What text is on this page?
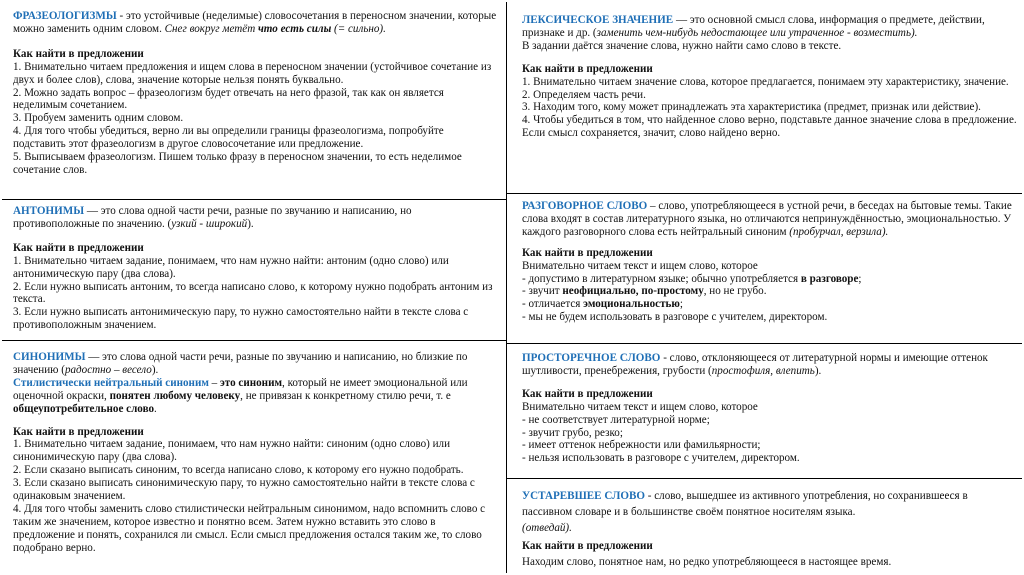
ФРАЗЕОЛОГИЗМЫ - это устойчивые (неделимые) словосочетания в переносном значении, которые можно заменить одним словом. Снег вокруг метёт что есть силы (= сильно).

Как найти в предложении

1. Внимательно читаем предложения и ищем слова в переносном значении (устойчивое сочетание из двух и более слов), слова, значение которые нельзя понять буквально.

2. Можно задать вопрос – фразеологизм будет отвечать на него фразой, так как он является неделимым сочетанием.

3. Пробуем заменить одним словом.

4. Для того чтобы убедиться, верно ли вы определили границы фразеологизма, попробуйте подставить этот фразеологизм в другое словосочетание или предложение.

5. Выписываем фразеологизм. Пишем только фразу в переносном значении, то есть неделимое сочетание слов.

АНТОНИМЫ — это слова одной части речи, разные по звучанию и написанию, но противоположные по значению. (узкий - широкий).

Как найти в предложении

1. Внимательно читаем задание, понимаем, что нам нужно найти: антоним (одно слово) или антонимическую пару (два слова).

2. Если нужно выписать антоним, то всегда написано слово, к которому нужно подобрать антоним из текста.

3. Если нужно выписать антонимическую пару, то нужно самостоятельно найти в тексте слова с противоположным значением.

СИНОНИМЫ — это слова одной части речи, разные по звучанию и написанию, но близкие по значению (радостно – весело).

Стилистически нейтральный синоним – это синоним, который не имеет эмоциональной или оценочной окраски, понятен любому человеку, не привязан к конкретному стилю речи, т. е общеупотребительное слово.

Как найти в предложении

1. Внимательно читаем задание, понимаем, что нам нужно найти: синоним (одно слово) или синонимическую пару (два слова).

2. Если сказано выписать синоним, то всегда написано слово, к которому его нужно подобрать.

3. Если сказано выписать синонимическую пару, то нужно самостоятельно найти в тексте слова с одинаковым значением.

4. Для того чтобы заменить слово стилистически нейтральным синонимом, надо вспомнить слово с таким же значением, которое известно и понятно всем. Затем нужно вставить это слово в предложение и понять, сохранился ли смысл. Если смысл предложения остался таким же, то слово подобрано верно.

ЛЕКСИЧЕСКОЕ ЗНАЧЕНИЕ — это основной смысл слова, информация о предмете, действии, признаке и др. (заменить чем-нибудь недостающее или утраченное - возместить).

В задании даётся значение слова, нужно найти само слово в тексте.

Как найти в предложении

1. Внимательно читаем значение слова, которое предлагается, понимаем эту характеристику, значение.

2. Определяем часть речи.

3. Находим того, кому может принадлежать эта характеристика (предмет, признак или действие).

4. Чтобы убедиться в том, что найденное слово верно, подставьте данное значение слова в предложение. Если смысл сохраняется, значит, слово найдено верно.

РАЗГОВОРНОЕ СЛОВО – слово, употребляющееся в устной речи, в беседах на бытовые темы. Такие слова входят в состав литературного языка, но отличаются непринуждённостью, эмоциональностью. У каждого разговорного слова есть нейтральный синоним (пробурчал, верзила).

Как найти в предложении

Внимательно читаем текст и ищем слово, которое

- допустимо в литературном языке; обычно употребляется в разговоре;

- звучит неофициально, по-простому, но не грубо.

- отличается эмоциональностью;

- мы не будем использовать в разговоре с учителем, директором.

ПРОСТОРЕЧНОЕ СЛОВО - слово, отклоняющееся от литературной нормы и имеющие оттенок шутливости, пренебрежения, грубости (простофиля, влепить).

Как найти в предложении

Внимательно читаем текст и ищем слово, которое

- не соответствует литературной норме;

- звучит грубо, резко;

- имеет оттенок небрежности или фамильярности;

- нельзя использовать в разговоре с учителем, директором.

УСТАРЕВШЕЕ СЛОВО - слово, вышедшее из активного употребления, но сохранившееся в пассивном словаре и в большинстве своём понятное носителям языка.

(отведай).

Как найти в предложении

Находим слово, понятное нам, но редко употребляющееся в настоящее время.
